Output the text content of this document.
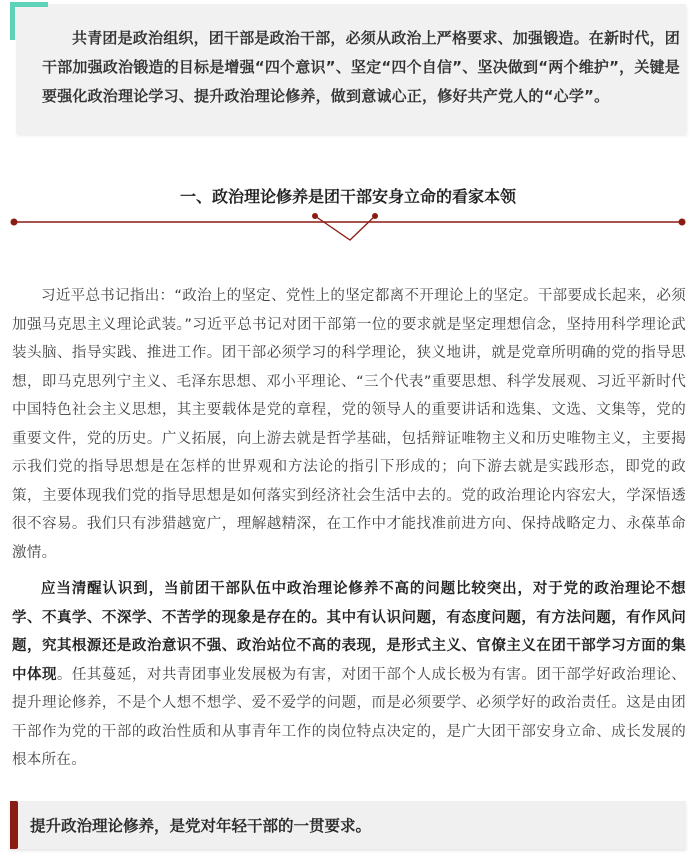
共青团是政治组织，团干部是政治干部，必须从政治上严格要求、加强锻造。在新时代，团干部加强政治锻造的目标是增强“四个意识”、坚定“四个自信”、坚决做到“两个维护”，关键是要强化政治理论学习、提升政治理论修养，做到意诚心正，修好共产党人的“心学”。

一、政治理论修养是团干部安身立命的看家本领

习近平总书记指出：“政治上的坚定、党性上的坚定都离不开理论上的坚定。干部要成长起来，必须加强马克思主义理论武装。”习近平总书记对团干部第一位的要求就是坚定理想信念，坚持用科学理论武装头脑、指导实践、推进工作。团干部必须学习的科学理论，狭义地讲，就是党章所明确的党的指导思想，即马克思列宁主义、毛泽东思想、邓小平理论、“三个代表”重要思想、科学发展观、习近平新时代中国特色社会主义思想，其主要载体是党的章程，党的领导人的重要讲话和选集、文选、文集等，党的重要文件，党的历史。广义拓展，向上游去就是哲学基础，包括辩证唯物主义和历史唯物主义，主要揭示我们党的指导思想是在怎样的世界观和方法论的指引下形成的；向下游去就是实践形态，即党的政策，主要体现我们党的指导思想是如何落实到经济社会生活中去的。党的政治理论内容宏大，学深悟透很不容易。我们只有涉猎越宽广，理解越精深，在工作中才能找准前进方向、保持战略定力、永葆革命激情。

应当清醒认识到，当前团干部队伍中政治理论修养不高的问题比较突出，对于党的政治理论不想学、不真学、不深学、不苦学的现象是存在的。其中有认识问题，有态度问题，有方法问题，有作风问题，究其根源还是政治意识不强、政治站位不高的表现，是形式主义、官僚主义在团干部学习方面的集中体现。任其蔓延，对共青团事业发展极为有害，对团干部个人成长极为有害。团干部学好政治理论、提升理论修养，不是个人想不想学、爱不爱学的问题，而是必须要学、必须学好的政治责任。这是由团干部作为党的干部的政治性质和从事青年工作的岗位特点决定的，是广大团干部安身立命、成长发展的根本所在。

提升政治理论修养，是党对年轻干部的一贯要求。
